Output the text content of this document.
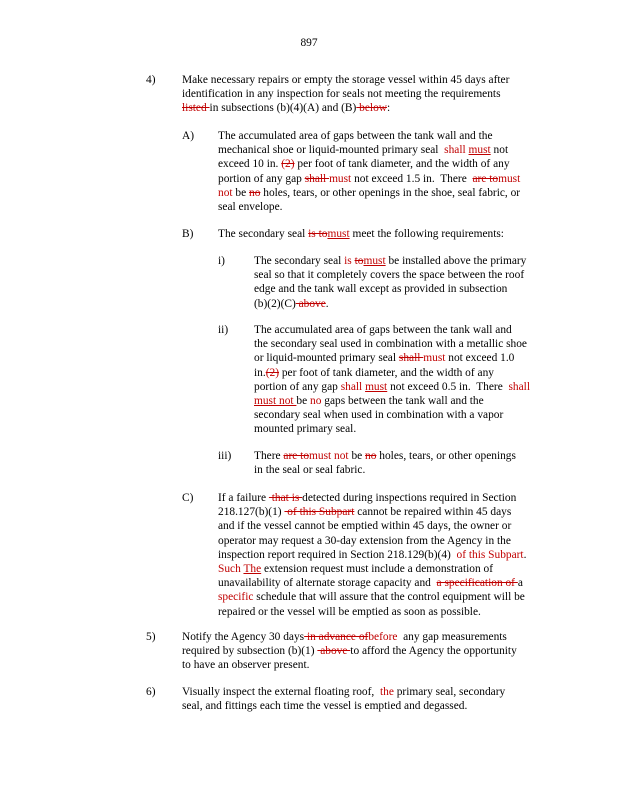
897
4) Make necessary repairs or empty the storage vessel within 45 days after

identification in any inspection for seals not meeting the requirements

listed in subsections (b)(4)(A) and (B) below:

A) The accumulated area of gaps between the tank wall and the

mechanical shoe or liquid-mounted primary seal  shall must not

exceed 10 in. (2) per foot of tank diameter, and the width of any

portion of any gap shall must not exceed 1.5 in.  There  are tomust

not be no holes, tears, or other openings in the shoe, seal fabric, or

seal envelope.

B) The secondary seal is tomust meet the following requirements:

i)	The secondary seal is tomust be installed above the primary

seal so that it completely covers the space between the roof

edge and the tank wall except as provided in subsection

(b)(2)(C) above.

ii) The accumulated area of gaps between the tank wall and

the secondary seal used in combination with a metallic shoe

or liquid-mounted primary seal shall must not exceed 1.0

in.(2) per foot of tank diameter, and the width of any

portion of any gap shall must not exceed 0.5 in.  There  shall

must not be no gaps between the tank wall and the

secondary seal when used in combination with a vapor

mounted primary seal.

iii) There are tomust not be no holes, tears, or other openings

in the seal or seal fabric.

C) If a failure  that is detected during inspections required in Section

218.127(b)(1)  of this Subpart cannot be repaired within 45 days

and if the vessel cannot be emptied within 45 days, the owner or

operator may request a 30-day extension from the Agency in the

inspection report required in Section 218.129(b)(4)  of this Subpart.

Such The extension request must include a demonstration of

unavailability of alternate storage capacity and  a specification of a

specific schedule that will assure that the control equipment will be

repaired or the vessel will be emptied as soon as possible.

5) Notify the Agency 30 days in advance ofbefore  any gap measurements

required by subsection (b)(1)  above to afford the Agency the opportunity

to have an observer present.

6) Visually inspect the external floating roof,  the primary seal, secondary

seal, and fittings each time the vessel is emptied and degassed.
